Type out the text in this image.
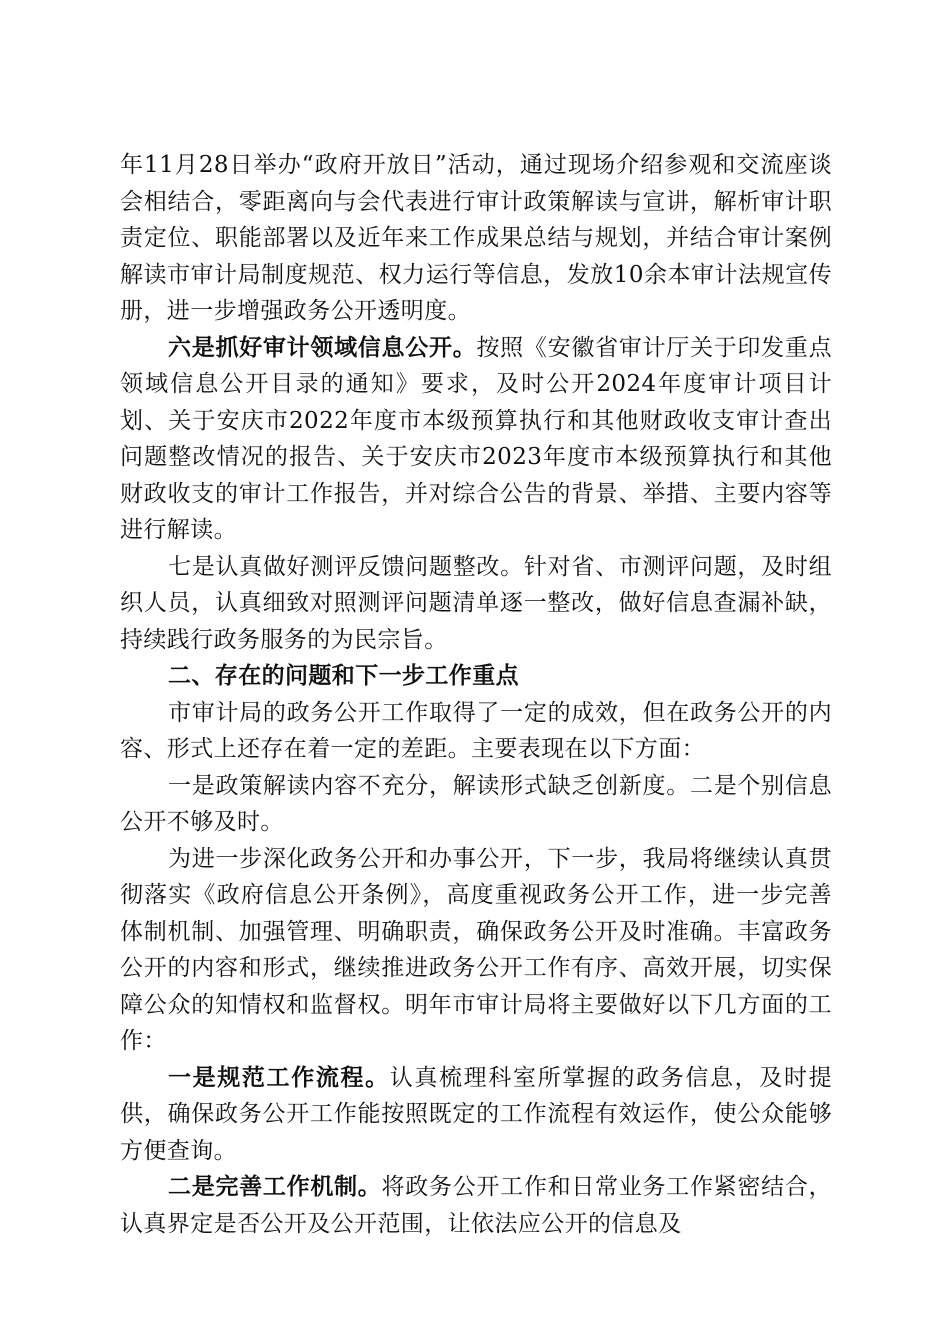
年11月28日举办“政府开放日”活动，通过现场介绍参观和交流座谈会相结合，零距离向与会代表进行审计政策解读与宣讲，解析审计职责定位、职能部署以及近年来工作成果总结与规划，并结合审计案例解读市审计局制度规范、权力运行等信息，发放10余本审计法规宣传册，进一步增强政务公开透明度。

六是抓好审计领域信息公开。按照《安徽省审计厅关于印发重点领域信息公开目录的通知》要求，及时公开2024年度审计项目计划、关于安庆市2022年度市本级预算执行和其他财政收支审计查出问题整改情况的报告、关于安庆市2023年度市本级预算执行和其他财政收支的审计工作报告，并对综合公告的背景、举措、主要内容等进行解读。

七是认真做好测评反馈问题整改。针对省、市测评问题，及时组织人员，认真细致对照测评问题清单逐一整改，做好信息查漏补缺，持续践行政务服务的为民宗旨。

二、存在的问题和下一步工作重点

市审计局的政务公开工作取得了一定的成效，但在政务公开的内容、形式上还存在着一定的差距。主要表现在以下方面：

一是政策解读内容不充分，解读形式缺乏创新度。二是个别信息公开不够及时。

为进一步深化政务公开和办事公开，下一步，我局将继续认真贯彻落实《政府信息公开条例》，高度重视政务公开工作，进一步完善体制机制、加强管理、明确职责，确保政务公开及时准确。丰富政务公开的内容和形式，继续推进政务公开工作有序、高效开展，切实保障公众的知情权和监督权。明年市审计局将主要做好以下几方面的工作：

一是规范工作流程。认真梳理科室所掌握的政务信息，及时提供，确保政务公开工作能按照既定的工作流程有效运作，使公众能够方便查询。

二是完善工作机制。将政务公开工作和日常业务工作紧密结合，认真界定是否公开及公开范围，让依法应公开的信息及
